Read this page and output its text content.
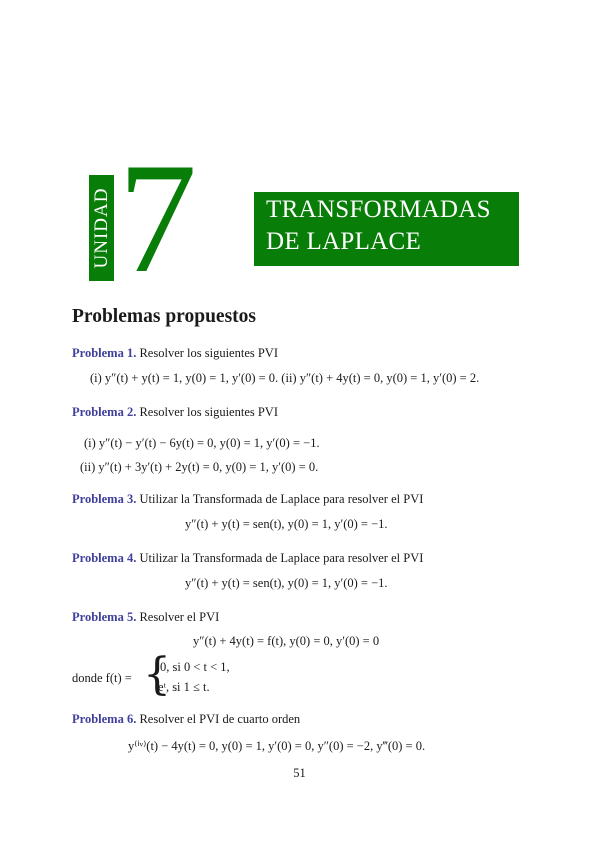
UNIDAD 7	TRANSFORMADAS
DE LAPLACE
Problemas propuestos
Problema 1. Resolver los siguientes PVI
(i) y″(t) + y(t) = 1, y(0) = 1, y′(0) = 0. (ii) y″(t) + 4y(t) = 0, y(0) = 1, y′(0) = 2.
Problema 2. Resolver los siguientes PVI
(i) y″(t) − y′(t) − 6y(t) = 0, y(0) = 1, y′(0) = −1.
(ii) y″(t) + 3y′(t) + 2y(t) = 0, y(0) = 1, y′(0) = 0.
Problema 3. Utilizar la Transformada de Laplace para resolver el PVI
y″(t) + y(t) = sen(t), y(0) = 1, y′(0) = −1.
Problema 4. Utilizar la Transformada de Laplace para resolver el PVI
y″(t) + y(t) = sen(t), y(0) = 1, y′(0) = −1.
Problema 5. Resolver el PVI
y″(t) + 4y(t) = f(t), y(0) = 0, y′(0) = 0
donde f(t) = {
0, si 0 < t < 1,
eᵗ, si 1 ≤ t.
Problema 6. Resolver el PVI de cuarto orden
y⁽ⁱᵛ⁾(t) − 4y(t) = 0, y(0) = 1, y′(0) = 0, y″(0) = −2, y‴(0) = 0.
51
